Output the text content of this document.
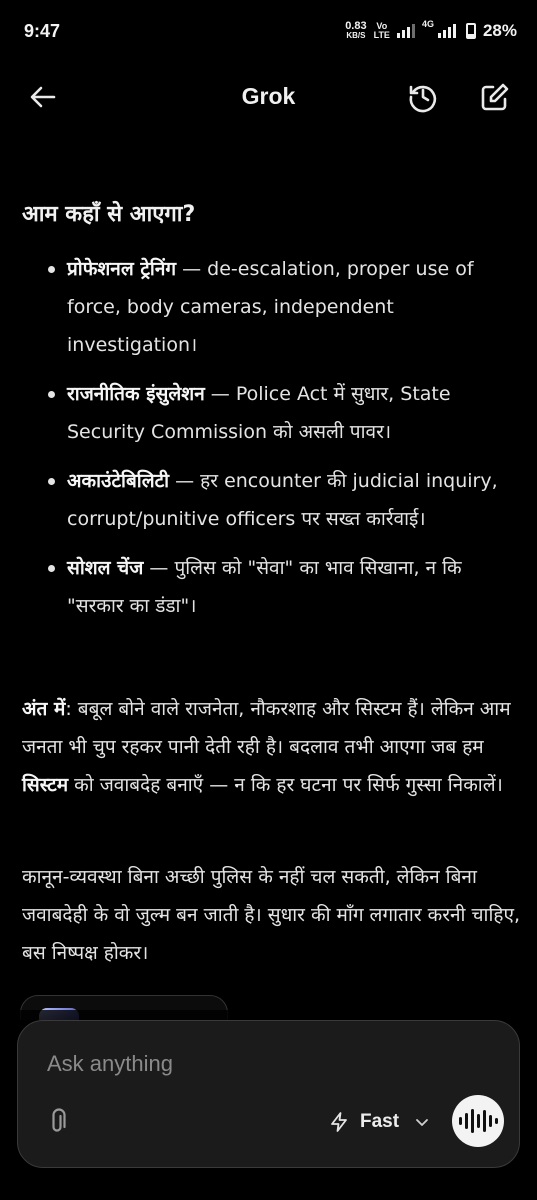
9:47	0.83
KB/S
Vo
LTE
4G	28%
Grok
आम कहाँ से आएगा?
प्रोफेशनल ट्रेनिंग — de-escalation, proper use of force, body cameras, independent investigation।
राजनीतिक इंसुलेशन — Police Act में सुधार, State Security Commission को असली पावर।
अकाउंटेबिलिटी — हर encounter की judicial inquiry, corrupt/punitive officers पर सख्त कार्रवाई।
सोशल चेंज — पुलिस को "सेवा" का भाव सिखाना, न कि "सरकार का डंडा"।
अंत में: बबूल बोने वाले राजनेता, नौकरशाह और सिस्टम हैं। लेकिन आम जनता भी चुप रहकर पानी देती रही है। बदलाव तभी आएगा जब हम सिस्टम को जवाबदेह बनाएँ — न कि हर घटना पर सिर्फ गुस्सा निकालें।
कानून-व्यवस्था बिना अच्छी पुलिस के नहीं चल सकती, लेकिन बिना जवाबदेही के वो जुल्म बन जाती है। सुधार की माँग लगातार करनी चाहिए, बस निष्पक्ष होकर।
Ask anything
Fast
